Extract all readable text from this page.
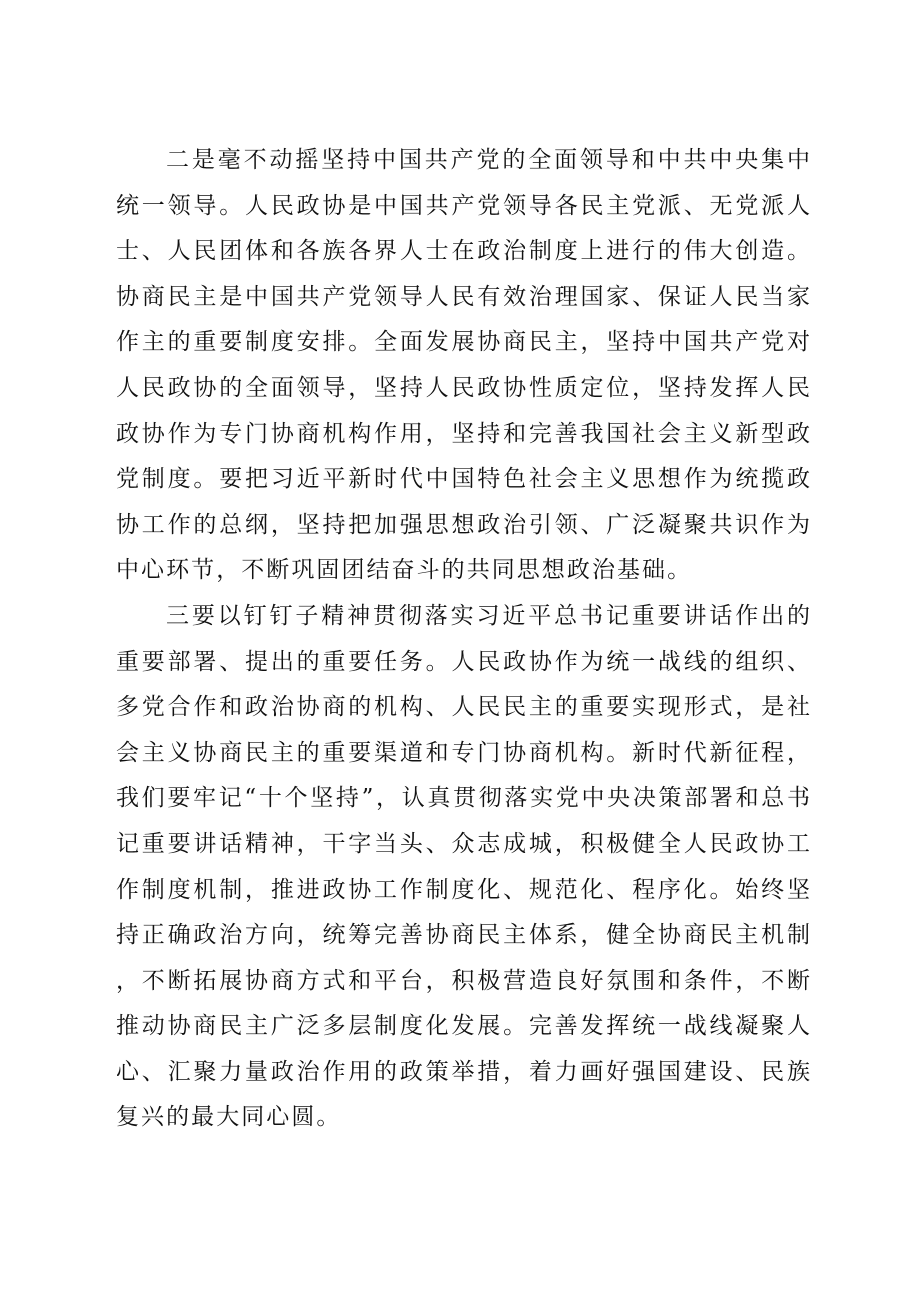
二是毫不动摇坚持中国共产党的全面领导和中共中央集中统一领导。人民政协是中国共产党领导各民主党派、无党派人士、人民团体和各族各界人士在政治制度上进行的伟大创造。协商民主是中国共产党领导人民有效治理国家、保证人民当家作主的重要制度安排。全面发展协商民主，坚持中国共产党对人民政协的全面领导，坚持人民政协性质定位，坚持发挥人民政协作为专门协商机构作用，坚持和完善我国社会主义新型政党制度。要把习近平新时代中国特色社会主义思想作为统揽政协工作的总纲，坚持把加强思想政治引领、广泛凝聚共识作为中心环节，不断巩固团结奋斗的共同思想政治基础。

三要以钉钉子精神贯彻落实习近平总书记重要讲话作出的重要部署、提出的重要任务。人民政协作为统一战线的组织、多党合作和政治协商的机构、人民民主的重要实现形式，是社会主义协商民主的重要渠道和专门协商机构。新时代新征程，我们要牢记“十个坚持”，认真贯彻落实党中央决策部署和总书记重要讲话精神，干字当头、众志成城，积极健全人民政协工作制度机制，推进政协工作制度化、规范化、程序化。始终坚持正确政治方向，统筹完善协商民主体系，健全协商民主机制，不断拓展协商方式和平台，积极营造良好氛围和条件，不断推动协商民主广泛多层制度化发展。完善发挥统一战线凝聚人心、汇聚力量政治作用的政策举措，着力画好强国建设、民族复兴的最大同心圆。
